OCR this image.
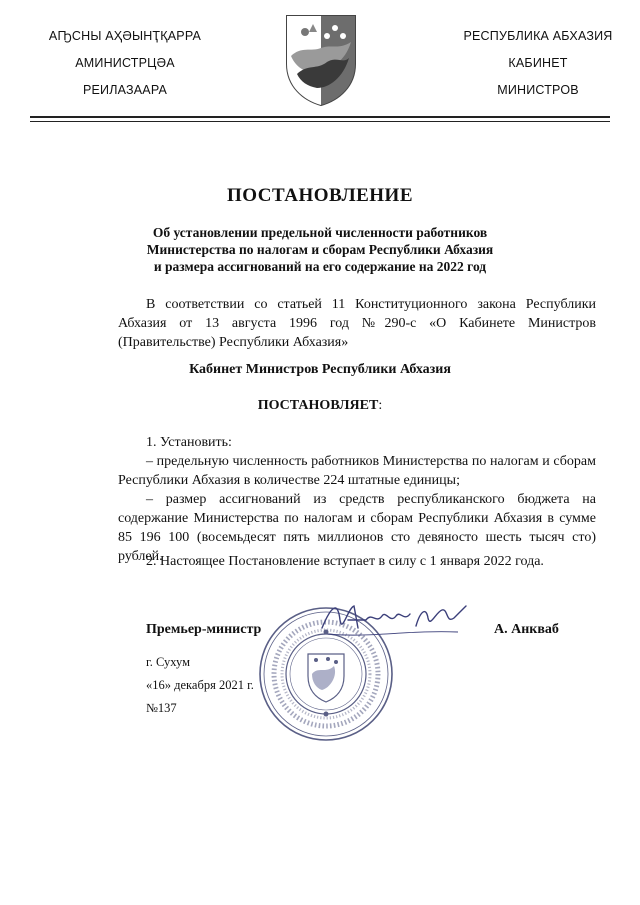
АҦСНЫ АҲӘЫНҬҚАРРА
АМИНИСТРЦӘА
РЕИЛАЗААРА
РЕСПУБЛИКА АБХАЗИЯ
КАБИНЕТ
МИНИСТРОВ
ПОСТАНОВЛЕНИЕ
Об установлении предельной численности работников
Министерства по налогам и сборам Республики Абхазия
и размера ассигнований на его содержание на 2022 год
В соответствии со статьей 11 Конституционного закона Республики Абхазия от 13 августа 1996 год №290-с «О Кабинете Министров (Правительстве) Республики Абхазия»
Кабинет Министров Республики Абхазия
ПОСТАНОВЛЯЕТ:
1. Установить:
– предельную численность работников Министерства по налогам и сборам Республики Абхазия в количестве 224 штатные единицы;
– размер ассигнований из средств республиканского бюджета на содержание Министерства по налогам и сборам Республики Абхазия в сумме 85 196 100 (восемьдесят пять миллионов сто девяносто шесть тысяч сто) рублей.
2. Настоящее Постановление вступает в силу с 1 января 2022 года.
Премьер-министр	А. Анкваб
г. Сухум
«16» декабря 2021 г.
№137
